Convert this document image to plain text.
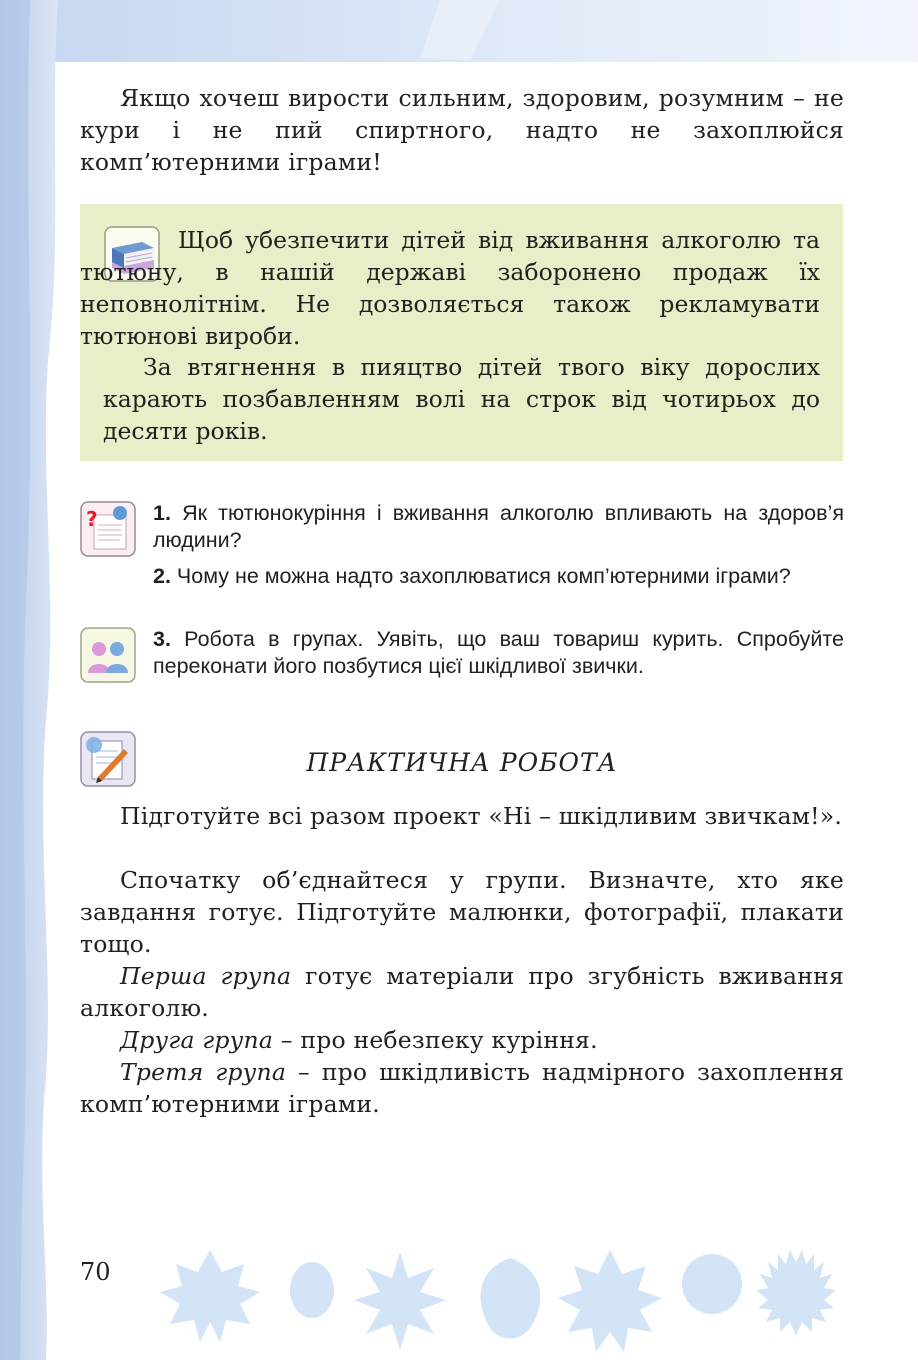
Якщо хочеш вирости сильним, здоровим, розумним – не кури і не пий спиртного, надто не захоплюйся комп’ютерними іграми!

Щоб убезпечити дітей від вживання алкоголю та тютюну, в нашій державі заборонено продаж їх неповнолітнім. Не дозволяється також рекламувати тютюнові вироби.

За втягнення в пияцтво дітей твого віку дорослих карають позбавленням волі на строк від чотирьох до десяти років.

?	1. Як тютюнокуріння і вживання алкоголю впливають на здоров’я людини?
2. Чому не можна надто захоплюватися комп’ютерними іграми?
3. Робота в групах. Уявіть, що ваш товариш курить. Спробуйте переконати його позбутися цієї шкідливої звички.
ПРАКТИЧНА РОБОТА

Підготуйте всі разом проект «Ні – шкідливим звичкам!».

Спочатку об’єднайтеся у групи. Визначте, хто яке завдання готує. Підготуйте малюнки, фотографії, плакати тощо.

Перша група готує матеріали про згубність вживання алкоголю.

Друга група – про небезпеку куріння.

Третя група – про шкідливість надмірного захоплення комп’ютерними іграми.

70
